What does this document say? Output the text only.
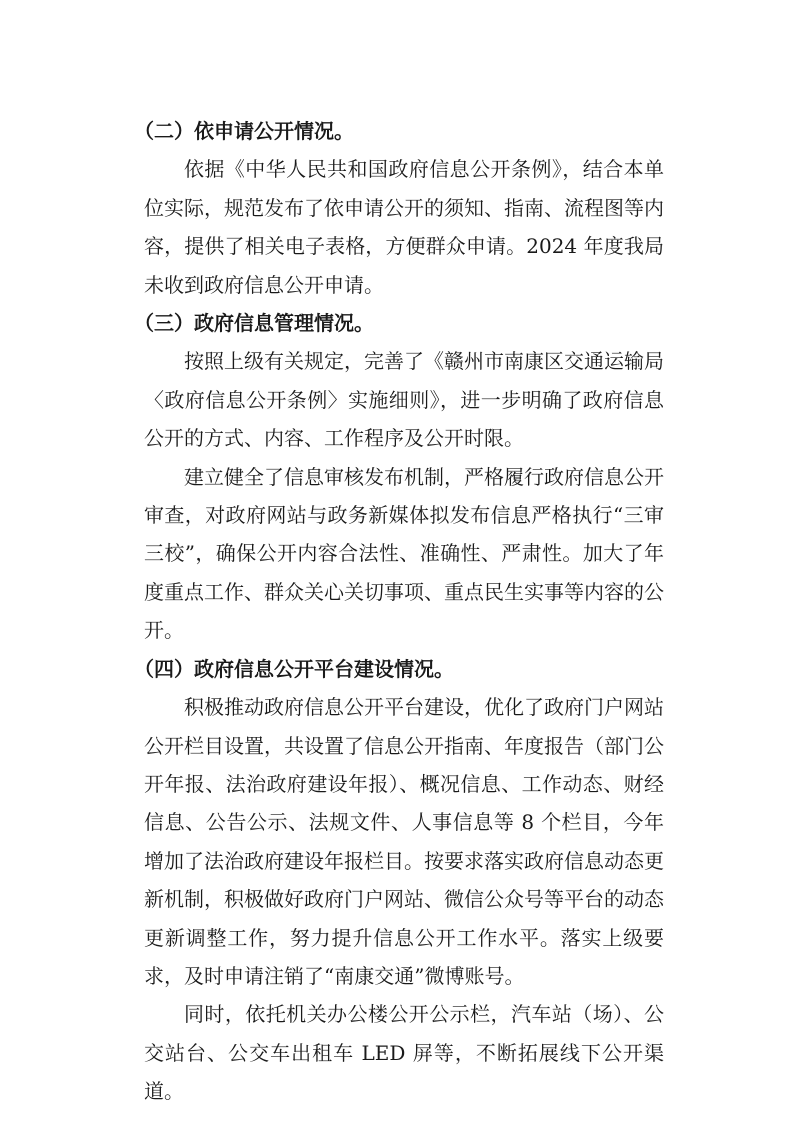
（二）依申请公开情况。

依据《中华人民共和国政府信息公开条例》，结合本单位实际，规范发布了依申请公开的须知、指南、流程图等内容，提供了相关电子表格，方便群众申请。2024 年度我局未收到政府信息公开申请。

（三）政府信息管理情况。

按照上级有关规定，完善了《赣州市南康区交通运输局〈政府信息公开条例〉实施细则》，进一步明确了政府信息公开的方式、内容、工作程序及公开时限。

建立健全了信息审核发布机制，严格履行政府信息公开审查，对政府网站与政务新媒体拟发布信息严格执行“三审三校”，确保公开内容合法性、准确性、严肃性。加大了年度重点工作、群众关心关切事项、重点民生实事等内容的公开。

（四）政府信息公开平台建设情况。

积极推动政府信息公开平台建设，优化了政府门户网站公开栏目设置，共设置了信息公开指南、年度报告（部门公开年报、法治政府建设年报）、概况信息、工作动态、财经信息、公告公示、法规文件、人事信息等 8 个栏目，今年增加了法治政府建设年报栏目。按要求落实政府信息动态更新机制，积极做好政府门户网站、微信公众号等平台的动态更新调整工作，努力提升信息公开工作水平。落实上级要求，及时申请注销了“南康交通”微博账号。

同时，依托机关办公楼公开公示栏，汽车站（场）、公交站台、公交车出租车 LED 屏等，不断拓展线下公开渠道。
